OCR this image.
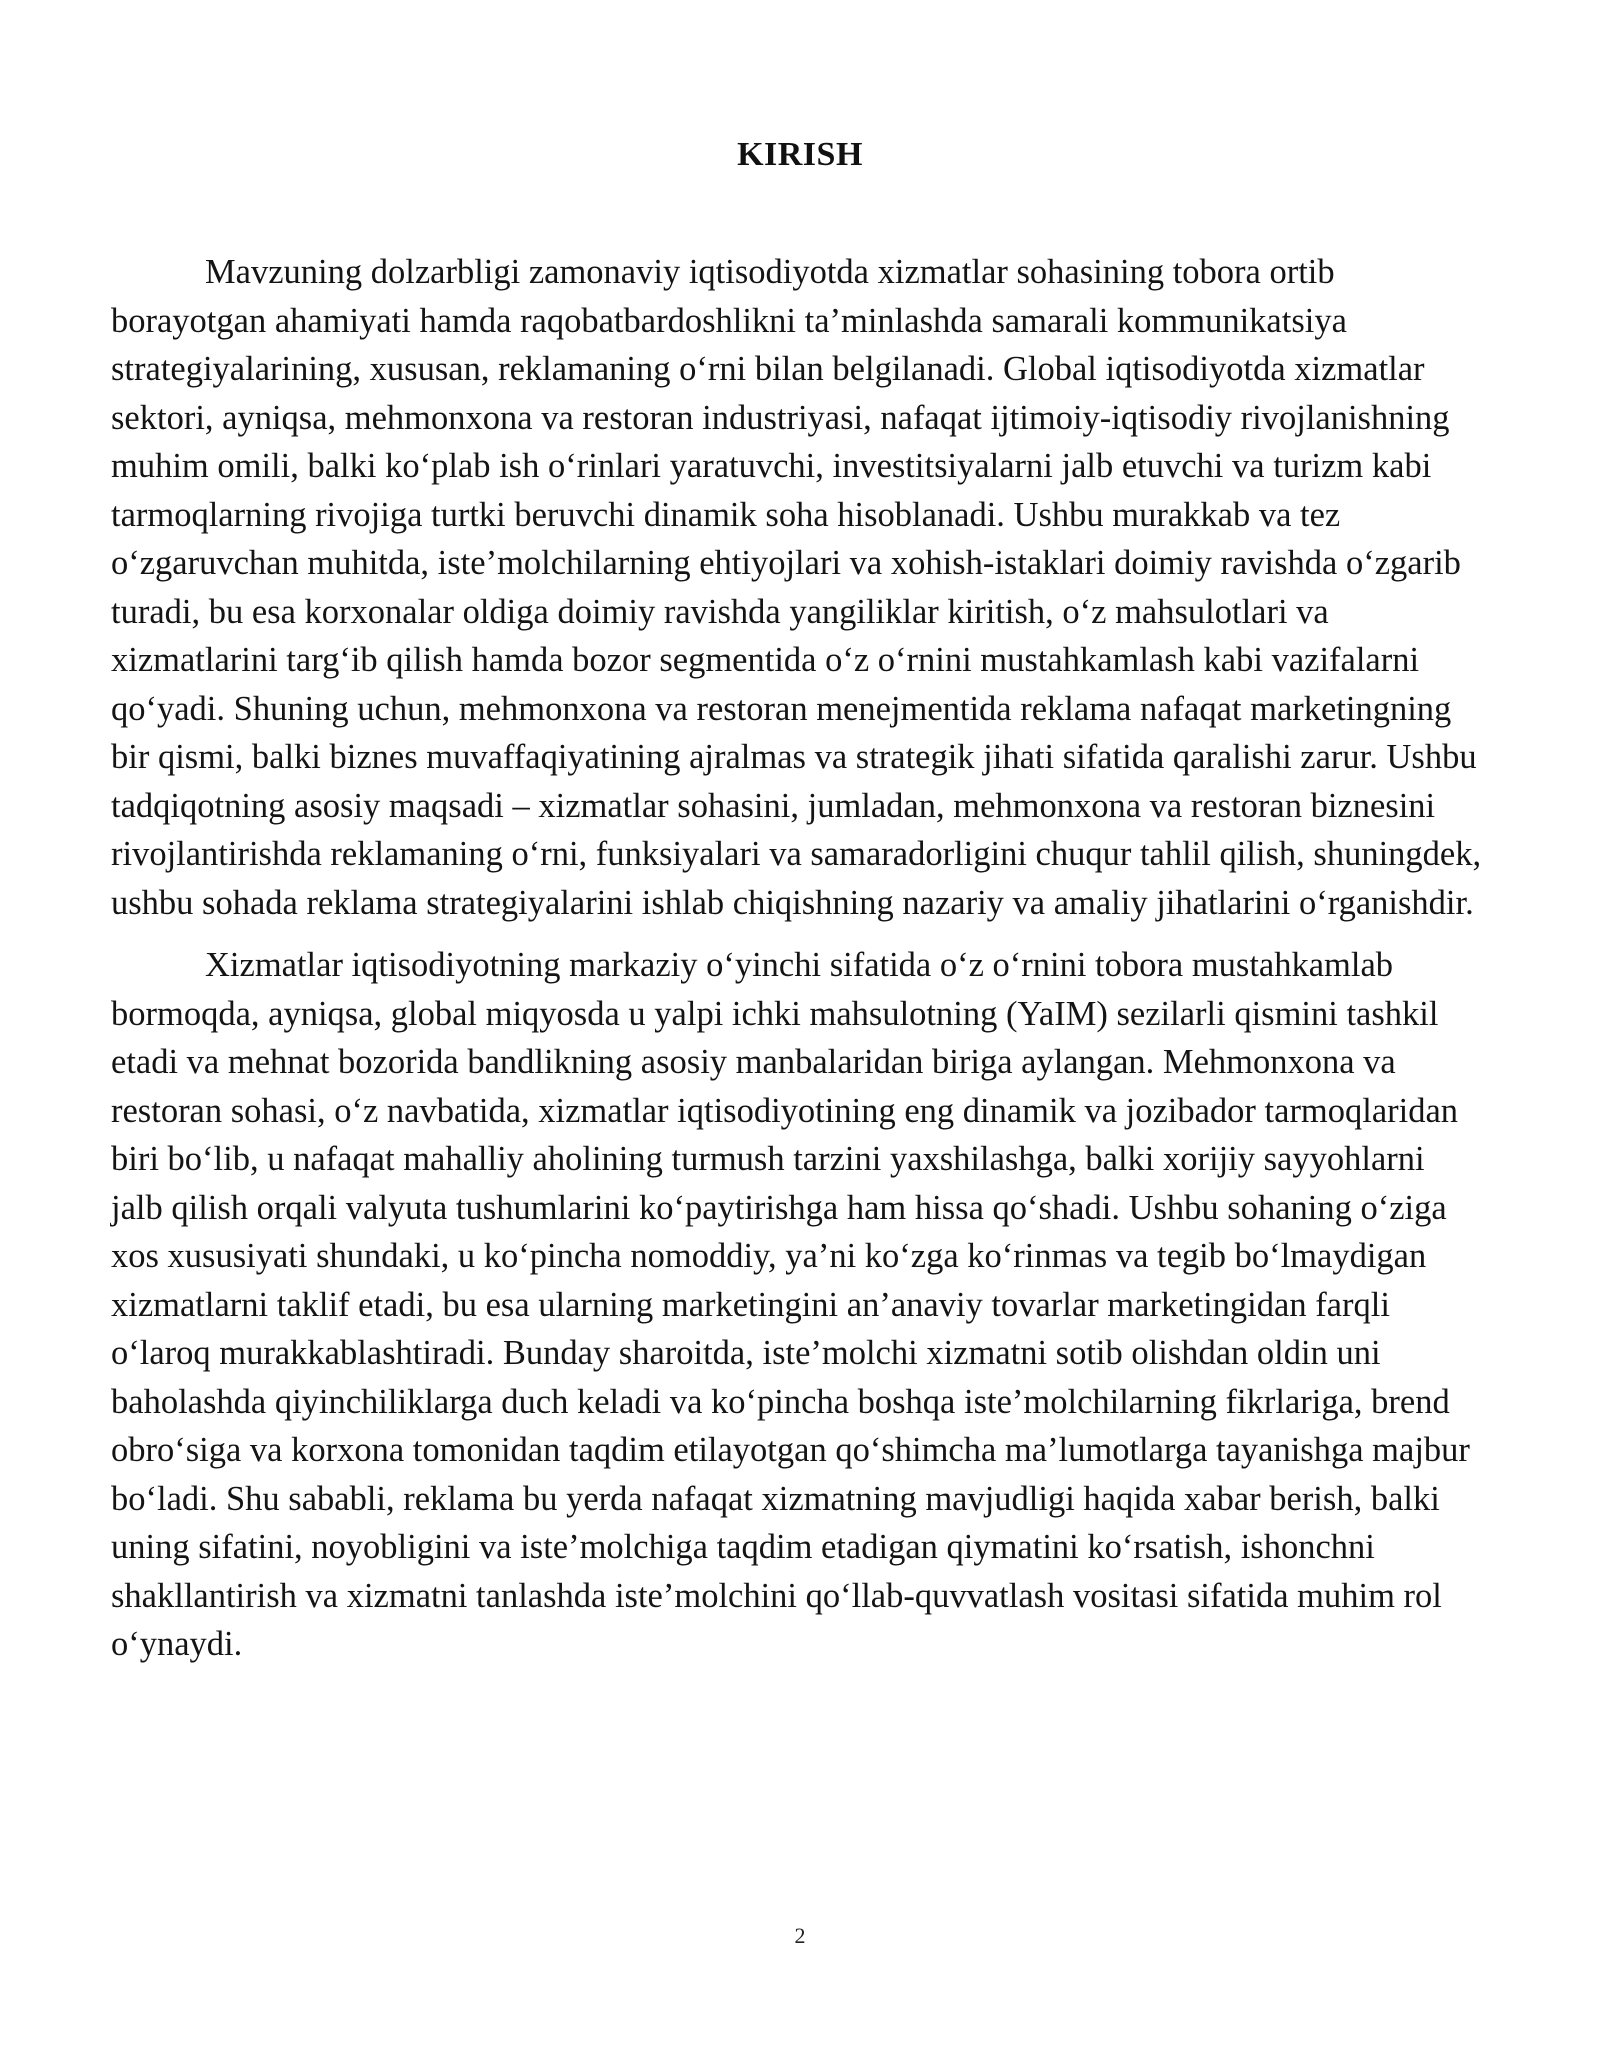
KIRISH

Mavzuning dolzarbligi zamonaviy iqtisodiyotda xizmatlar sohasining tobora ortib borayotgan ahamiyati hamda raqobatbardoshlikni ta’minlashda samarali kommunikatsiya strategiyalarining, xususan, reklamaning o‘rni bilan belgilanadi. Global iqtisodiyotda xizmatlar sektori, ayniqsa, mehmonxona va restoran industriyasi, nafaqat ijtimoiy-iqtisodiy rivojlanishning muhim omili, balki ko‘plab ish o‘rinlari yaratuvchi, investitsiyalarni jalb etuvchi va turizm kabi tarmoqlarning rivojiga turtki beruvchi dinamik soha hisoblanadi. Ushbu murakkab va tez o‘zgaruvchan muhitda, iste’molchilarning ehtiyojlari va xohish-istaklari doimiy ravishda o‘zgarib turadi, bu esa korxonalar oldiga doimiy ravishda yangiliklar kiritish, o‘z mahsulotlari va xizmatlarini targ‘ib qilish hamda bozor segmentida o‘z o‘rnini mustahkamlash kabi vazifalarni qo‘yadi. Shuning uchun, mehmonxona va restoran menejmentida reklama nafaqat marketingning bir qismi, balki biznes muvaffaqiyatining ajralmas va strategik jihati sifatida qaralishi zarur. Ushbu tadqiqotning asosiy maqsadi – xizmatlar sohasini, jumladan, mehmonxona va restoran biznesini rivojlantirishda reklamaning o‘rni, funksiyalari va samaradorligini chuqur tahlil qilish, shuningdek, ushbu sohada reklama strategiyalarini ishlab chiqishning nazariy va amaliy jihatlarini o‘rganishdir.

Xizmatlar iqtisodiyotning markaziy o‘yinchi sifatida o‘z o‘rnini tobora mustahkamlab bormoqda, ayniqsa, global miqyosda u yalpi ichki mahsulotning (YaIM) sezilarli qismini tashkil etadi va mehnat bozorida bandlikning asosiy manbalaridan biriga aylangan. Mehmonxona va restoran sohasi, o‘z navbatida, xizmatlar iqtisodiyotining eng dinamik va jozibador tarmoqlaridan biri bo‘lib, u nafaqat mahalliy aholining turmush tarzini yaxshilashga, balki xorijiy sayyohlarni jalb qilish orqali valyuta tushumlarini ko‘paytirishga ham hissa qo‘shadi. Ushbu sohaning o‘ziga xos xususiyati shundaki, u ko‘pincha nomoddiy, ya’ni ko‘zga ko‘rinmas va tegib bo‘lmaydigan xizmatlarni taklif etadi, bu esa ularning marketingini an’anaviy tovarlar marketingidan farqli o‘laroq murakkablashtiradi. Bunday sharoitda, iste’molchi xizmatni sotib olishdan oldin uni baholashda qiyinchiliklarga duch keladi va ko‘pincha boshqa iste’molchilarning fikrlariga, brend obro‘siga va korxona tomonidan taqdim etilayotgan qo‘shimcha ma’lumotlarga tayanishga majbur bo‘ladi. Shu sababli, reklama bu yerda nafaqat xizmatning mavjudligi haqida xabar berish, balki uning sifatini, noyobligini va iste’molchiga taqdim etadigan qiymatini ko‘rsatish, ishonchni shakllantirish va xizmatni tanlashda iste’molchini qo‘llab-quvvatlash vositasi sifatida muhim rol o‘ynaydi.

2
